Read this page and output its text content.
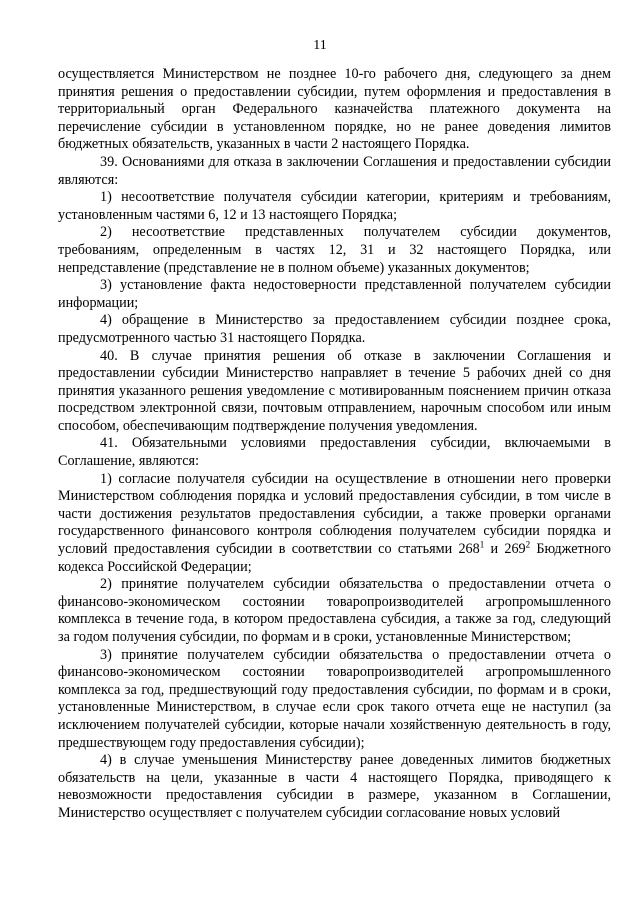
11

осуществляется Министерством не позднее 10-го рабочего дня, следующего за днем принятия решения о предоставлении субсидии, путем оформления и предоставления в территориальный орган Федерального казначейства платежного документа на перечисление субсидии в установленном порядке, но не ранее доведения лимитов бюджетных обязательств, указанных в части 2 настоящего Порядка.

39. Основаниями для отказа в заключении Соглашения и предоставлении субсидии являются:

1) несоответствие получателя субсидии категории, критериям и требованиям, установленным частями 6, 12 и 13 настоящего Порядка;

2) несоответствие представленных получателем субсидии документов, требованиям, определенным в частях 12, 31 и 32 настоящего Порядка, или непредставление (представление не в полном объеме) указанных документов;

3) установление факта недостоверности представленной получателем субсидии информации;

4) обращение в Министерство за предоставлением субсидии позднее срока, предусмотренного частью 31 настоящего Порядка.

40. В случае принятия решения об отказе в заключении Соглашения и предоставлении субсидии Министерство направляет в течение 5 рабочих дней со дня принятия указанного решения уведомление с мотивированным пояснением причин отказа посредством электронной связи, почтовым отправлением, нарочным способом или иным способом, обеспечивающим подтверждение получения уведомления.

41. Обязательными условиями предоставления субсидии, включаемыми в Соглашение, являются:

1) согласие получателя субсидии на осуществление в отношении него проверки Министерством соблюдения порядка и условий предоставления субсидии, в том числе в части достижения результатов предоставления субсидии, а также проверки органами государственного финансового контроля соблюдения получателем субсидии порядка и условий предоставления субсидии в соответствии со статьями $268^1$ и $269^2$ Бюджетного кодекса Российской Федерации;

2) принятие получателем субсидии обязательства о предоставлении отчета о финансово-экономическом состоянии товаропроизводителей агропромышленного комплекса в течение года, в котором предоставлена субсидия, а также за год, следующий за годом получения субсидии, по формам и в сроки, установленные Министерством;

3) принятие получателем субсидии обязательства о предоставлении отчета о финансово-экономическом состоянии товаропроизводителей агропромышленного комплекса за год, предшествующий году предоставления субсидии, по формам и в сроки, установленные Министерством, в случае если срок такого отчета еще не наступил (за исключением получателей субсидии, которые начали хозяйственную деятельность в году, предшествующем году предоставления субсидии);

4) в случае уменьшения Министерству ранее доведенных лимитов бюджетных обязательств на цели, указанные в части 4 настоящего Порядка, приводящего к невозможности предоставления субсидии в размере, указанном в Соглашении, Министерство осуществляет с получателем субсидии согласование новых условий
